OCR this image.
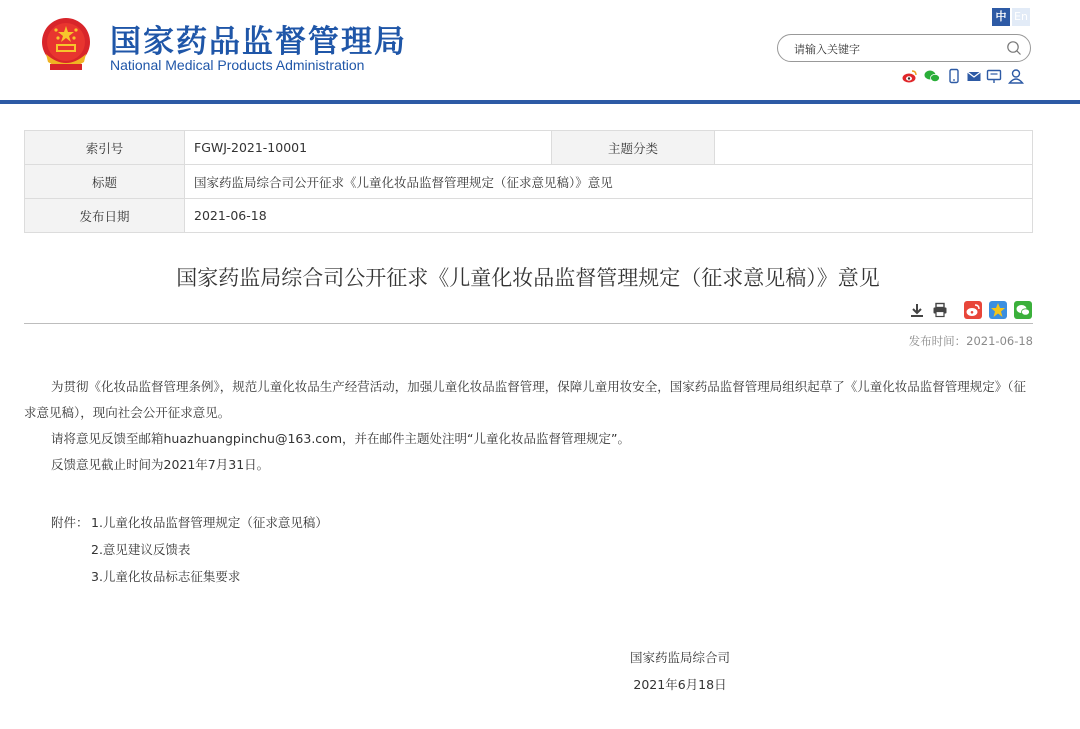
国家药品监督管理局
National Medical Products Administration
中 En
请输入关键字
索引号	FGWJ-2021-10001	主题分类	
标题	国家药监局综合司公开征求《儿童化妆品监督管理规定（征求意见稿）》意见		
发布日期	2021-06-18		
国家药监局综合司公开征求《儿童化妆品监督管理规定（征求意见稿）》意见
发布时间：2021-06-18

为贯彻《化妆品监督管理条例》，规范儿童化妆品生产经营活动，加强儿童化妆品监督管理，保障儿童用妆安全，国家药品监督管理局组织起草了《儿童化妆品监督管理规定》（征求意见稿），现向社会公开征求意见。

请将意见反馈至邮箱huazhuangpinchu@163.com，并在邮件主题处注明“儿童化妆品监督管理规定”。

反馈意见截止时间为2021年7月31日。

附件： 1.儿童化妆品监督管理规定（征求意见稿）
2.意见建议反馈表
3.儿童化妆品标志征集要求
国家药监局综合司
2021年6月18日
